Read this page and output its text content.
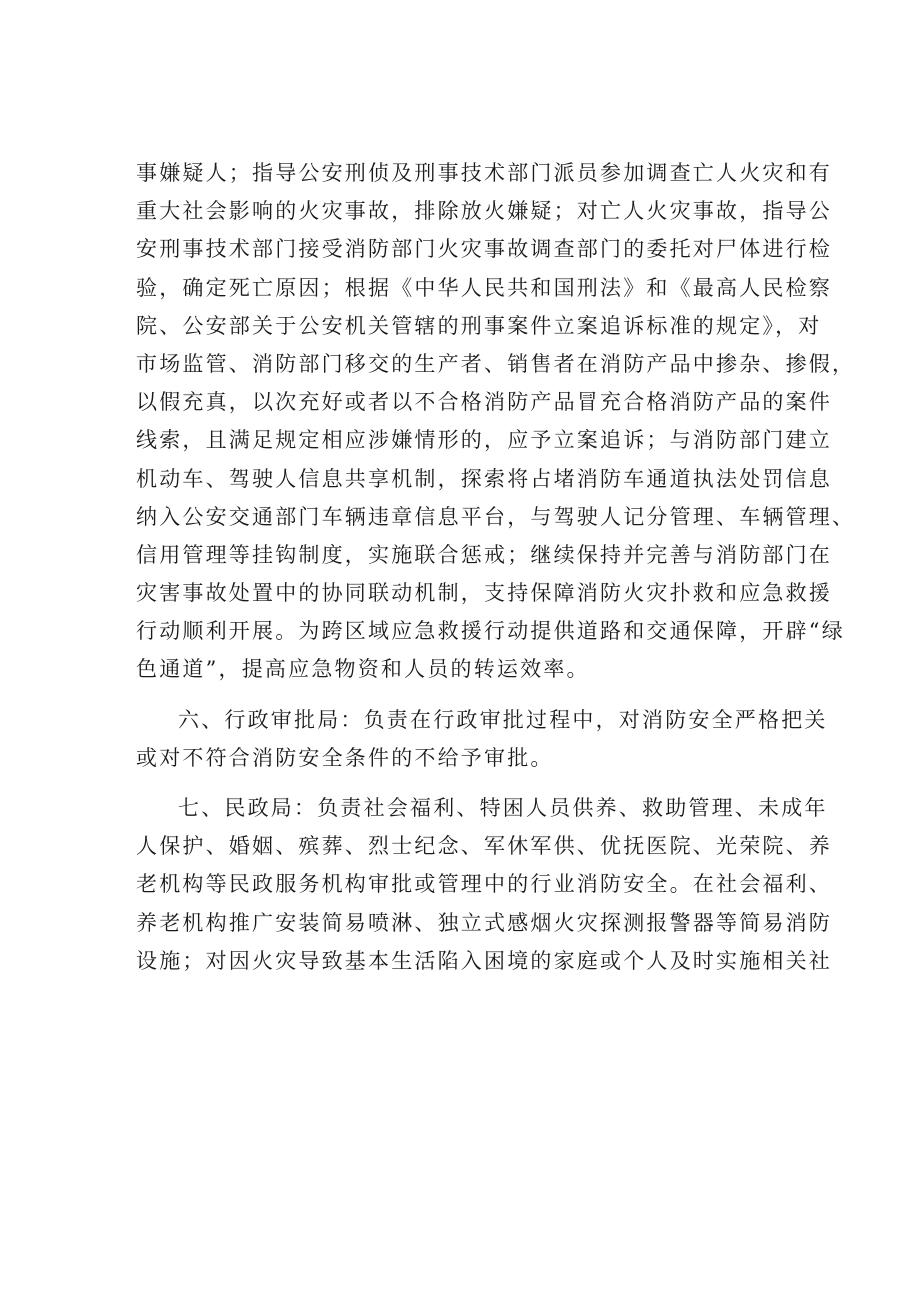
事嫌疑人；指导公安刑侦及刑事技术部门派员参加调查亡人火灾和有
重大社会影响的火灾事故，排除放火嫌疑；对亡人火灾事故，指导公
安刑事技术部门接受消防部门火灾事故调查部门的委托对尸体进行检
验，确定死亡原因；根据《中华人民共和国刑法》和《最高人民检察
院、公安部关于公安机关管辖的刑事案件立案追诉标准的规定》，对
市场监管、消防部门移交的生产者、销售者在消防产品中掺杂、掺假，
以假充真，以次充好或者以不合格消防产品冒充合格消防产品的案件
线索，且满足规定相应涉嫌情形的，应予立案追诉；与消防部门建立
机动车、驾驶人信息共享机制，探索将占堵消防车通道执法处罚信息
纳入公安交通部门车辆违章信息平台，与驾驶人记分管理、车辆管理、
信用管理等挂钩制度，实施联合惩戒；继续保持并完善与消防部门在
灾害事故处置中的协同联动机制，支持保障消防火灾扑救和应急救援
行动顺利开展。为跨区域应急救援行动提供道路和交通保障，开辟“绿
色通道”，提高应急物资和人员的转运效率。
六、行政审批局：负责在行政审批过程中，对消防安全严格把关
或对不符合消防安全条件的不给予审批。
七、民政局：负责社会福利、特困人员供养、救助管理、未成年
人保护、婚姻、殡葬、烈士纪念、军休军供、优抚医院、光荣院、养
老机构等民政服务机构审批或管理中的行业消防安全。在社会福利、
养老机构推广安装简易喷淋、独立式感烟火灾探测报警器等简易消防
设施；对因火灾导致基本生活陷入困境的家庭或个人及时实施相关社
